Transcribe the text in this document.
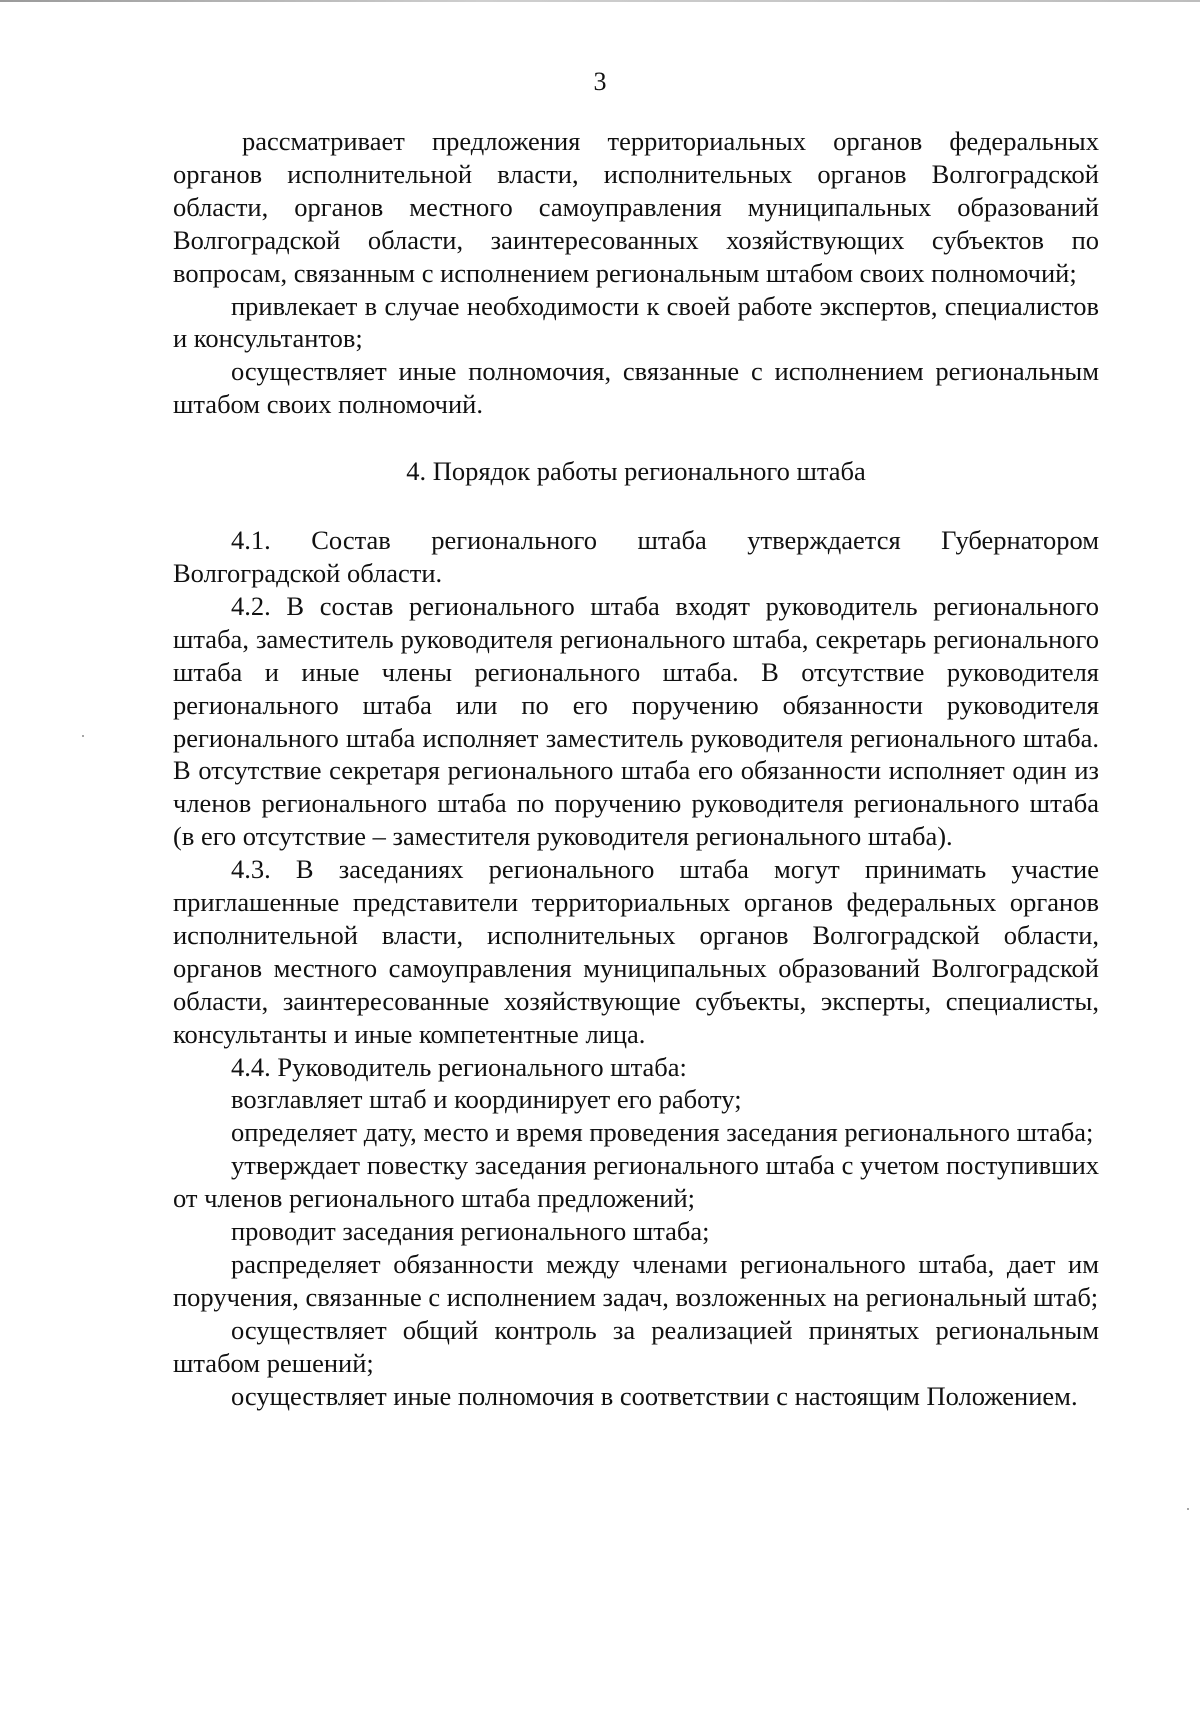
3

рассматривает предложения территориальных органов федеральных органов исполнительной власти, исполнительных органов Волгоградской области, органов местного самоуправления муниципальных образований Волгоградской области, заинтересованных хозяйствующих субъектов по вопросам, связанным с исполнением региональным штабом своих полномочий;

привлекает в случае необходимости к своей работе экспертов, специалистов и консультантов;

осуществляет иные полномочия, связанные с исполнением региональным штабом своих полномочий.

4. Порядок работы регионального штаба

4.1. Состав регионального штаба утверждается Губернатором Волгоградской области.

4.2. В состав регионального штаба входят руководитель регионального штаба, заместитель руководителя регионального штаба, секретарь регионального штаба и иные члены регионального штаба. В отсутствие руководителя регионального штаба или по его поручению обязанности руководителя регионального штаба исполняет заместитель руководителя регионального штаба. В отсутствие секретаря регионального штаба его обязанности исполняет один из членов регионального штаба по поручению руководителя регионального штаба (в его отсутствие – заместителя руководителя регионального штаба).

4.3. В заседаниях регионального штаба могут принимать участие приглашенные представители территориальных органов федеральных органов исполнительной власти, исполнительных органов Волгоградской области, органов местного самоуправления муниципальных образований Волгоградской области, заинтересованные хозяйствующие субъекты, эксперты, специалисты, консультанты и иные компетентные лица.

4.4. Руководитель регионального штаба:

возглавляет штаб и координирует его работу;

определяет дату, место и время проведения заседания регионального штаба;

утверждает повестку заседания регионального штаба с учетом поступивших от членов регионального штаба предложений;

проводит заседания регионального штаба;

распределяет обязанности между членами регионального штаба, дает им поручения, связанные с исполнением задач, возложенных на региональный штаб;

осуществляет общий контроль за реализацией принятых региональным штабом решений;

осуществляет иные полномочия в соответствии с настоящим Положением.
